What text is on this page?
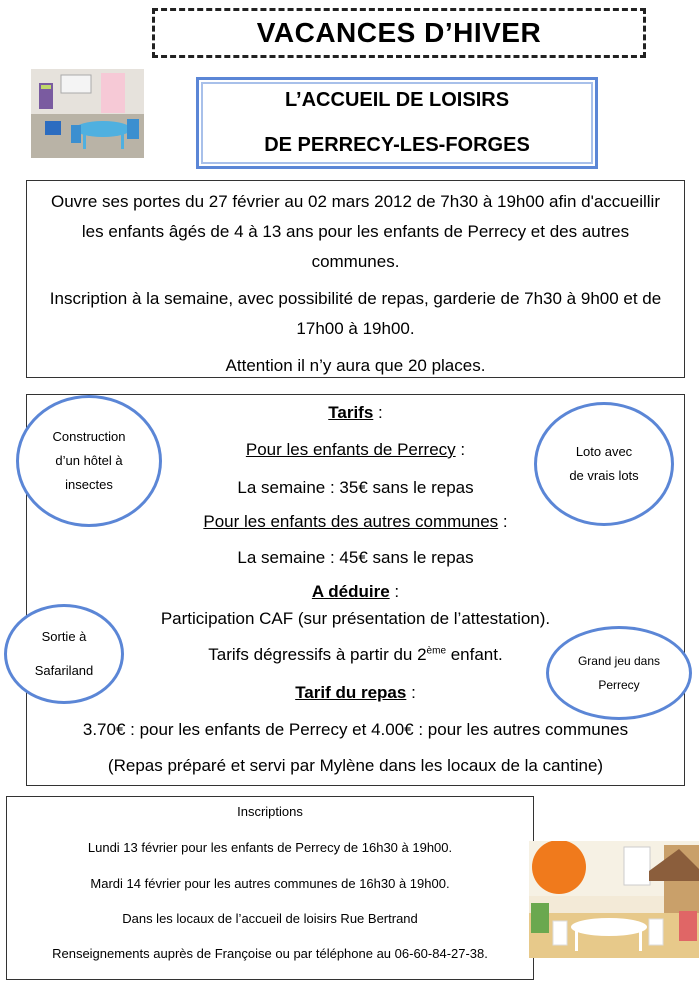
VACANCES D’HIVER
L’ACCUEIL DE LOISIRS
DE PERRECY-LES-FORGES

Ouvre ses portes du 27 février au 02 mars 2012 de 7h30 à 19h00 afin d'accueillir les enfants âgés de 4 à 13 ans pour les enfants de Perrecy et des autres communes.

Inscription à la semaine, avec possibilité de repas, garderie de 7h30 à 9h00 et de 17h00 à 19h00.

Attention il n’y aura que 20 places.

Tarifs :
Pour les enfants de Perrecy :
La semaine : 35€ sans le repas
Pour les enfants des autres communes :
La semaine : 45€ sans le repas
A déduire :
Participation CAF (sur présentation de l’attestation).
Tarifs dégressifs à partir du 2ème enfant.
Tarif du repas :
3.70€ : pour les enfants de Perrecy et 4.00€ : pour les autres communes
(Repas préparé et servi par Mylène dans les locaux de la cantine)
Construction d’un hôtel à insectes
Loto avec de vrais lots
Sortie à Safariland
Grand jeu dans Perrecy
Inscriptions
Lundi 13 février pour les enfants de Perrecy de 16h30 à 19h00.
Mardi 14 février pour les autres communes de 16h30 à 19h00.
Dans les locaux de l’accueil de loisirs Rue Bertrand
Renseignements auprès de Françoise ou par téléphone au 06-60-84-27-38.
